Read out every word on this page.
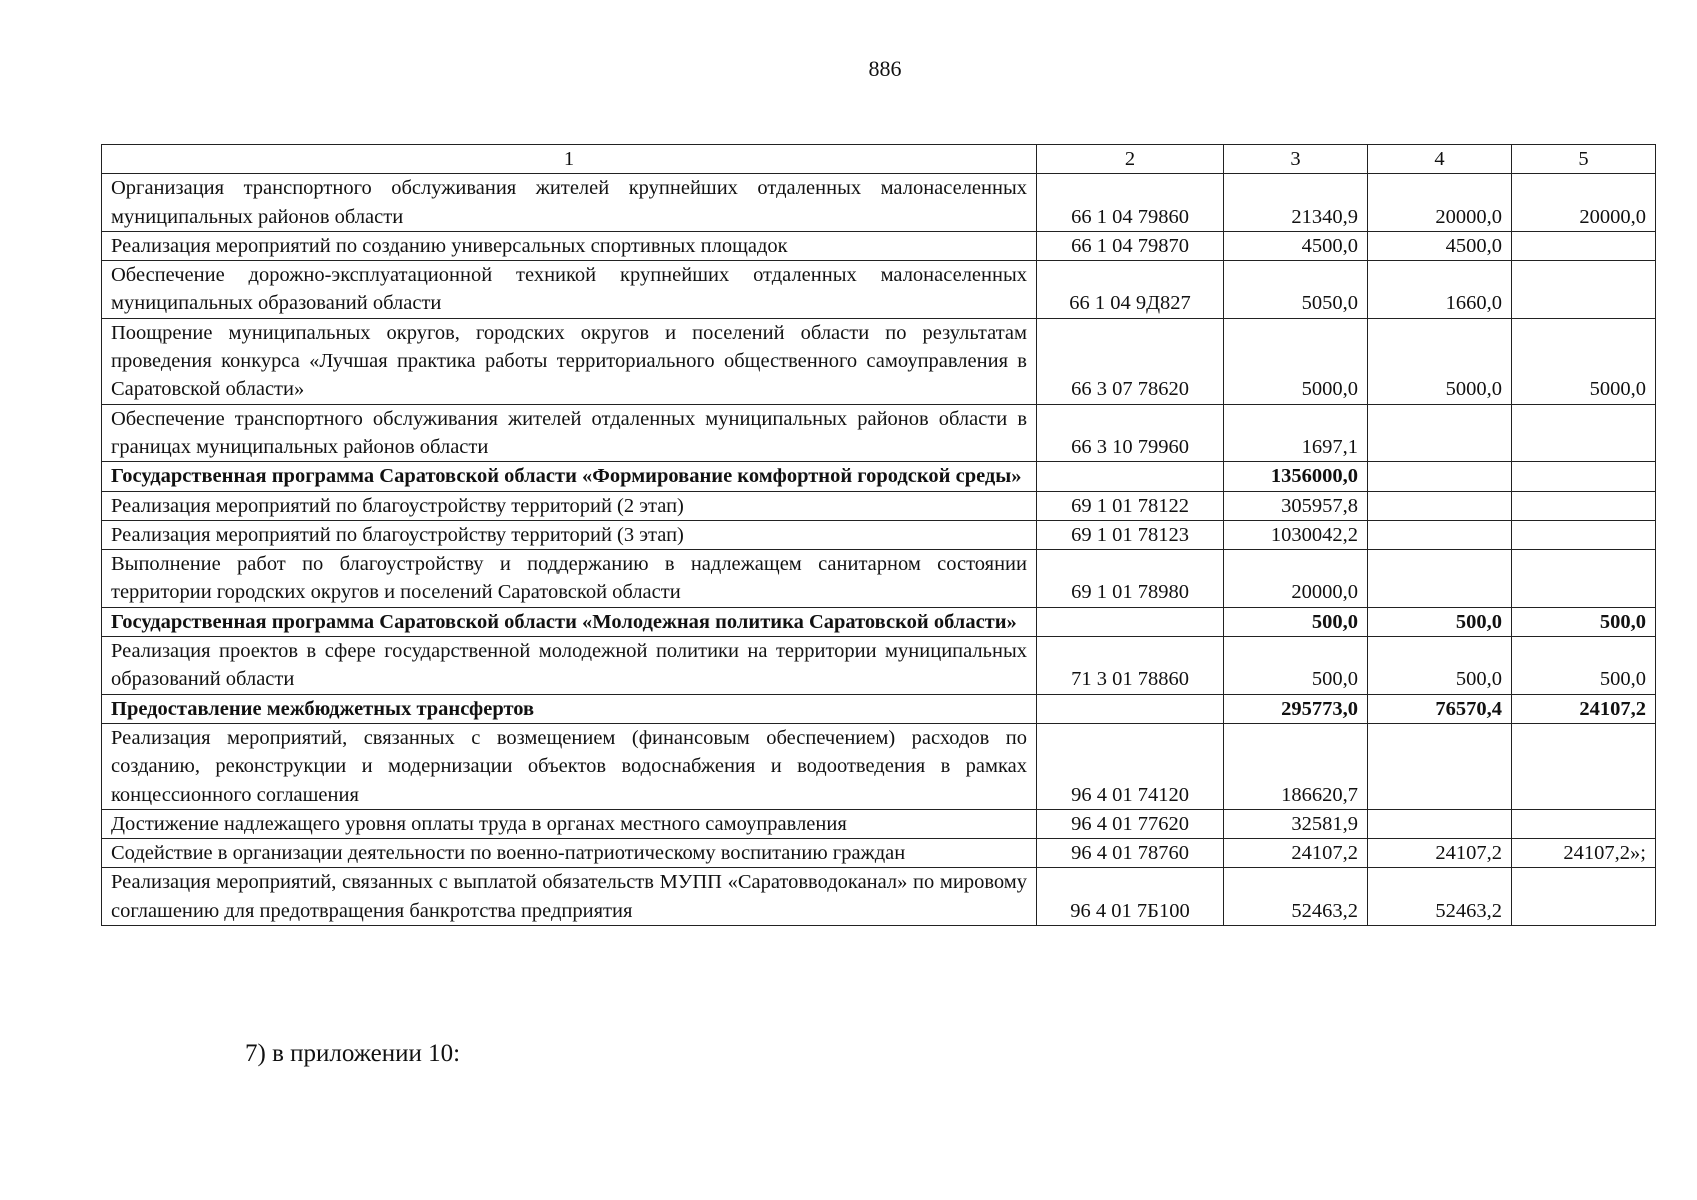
886
1	2	3	4	5
Организация транспортного обслуживания жителей крупнейших отдаленных малонаселенных муниципальных районов области	66 1 04 79860	21340,9	20000,0	20000,0
Реализация мероприятий по созданию универсальных спортивных площадок	66 1 04 79870	4500,0	4500,0	
Обеспечение дорожно-эксплуатационной техникой крупнейших отдаленных малонаселенных муниципальных образований области	66 1 04 9Д827	5050,0	1660,0	
Поощрение муниципальных округов, городских округов и поселений области по результатам проведения конкурса «Лучшая практика работы территориального общественного самоуправления в Саратовской области»	66 3 07 78620	5000,0	5000,0	5000,0
Обеспечение транспортного обслуживания жителей отдаленных муниципальных районов области в границах муниципальных районов области	66 3 10 79960	1697,1		
Государственная программа Саратовской области «Формирование комфортной городской среды»		1356000,0		
Реализация мероприятий по благоустройству территорий (2 этап)	69 1 01 78122	305957,8		
Реализация мероприятий по благоустройству территорий (3 этап)	69 1 01 78123	1030042,2		
Выполнение работ по благоустройству и поддержанию в надлежащем санитарном состоянии территории городских округов и поселений Саратовской области	69 1 01 78980	20000,0		
Государственная программа Саратовской области «Молодежная политика Саратовской области»		500,0	500,0	500,0
Реализация проектов в сфере государственной молодежной политики на территории муниципальных образований области	71 3 01 78860	500,0	500,0	500,0
Предоставление межбюджетных трансфертов		295773,0	76570,4	24107,2
Реализация мероприятий, связанных с возмещением (финансовым обеспечением) расходов по созданию, реконструкции и модернизации объектов водоснабжения и водоотведения в рамках концессионного соглашения	96 4 01 74120	186620,7		
Достижение надлежащего уровня оплаты труда в органах местного самоуправления	96 4 01 77620	32581,9		
Содействие в организации деятельности по военно-патриотическому воспитанию граждан	96 4 01 78760	24107,2	24107,2	24107,2»;
Реализация мероприятий, связанных с выплатой обязательств МУПП «Саратовводоканал» по мировому соглашению для предотвращения банкротства предприятия	96 4 01 7Б100	52463,2	52463,2	
7) в приложении 10:
